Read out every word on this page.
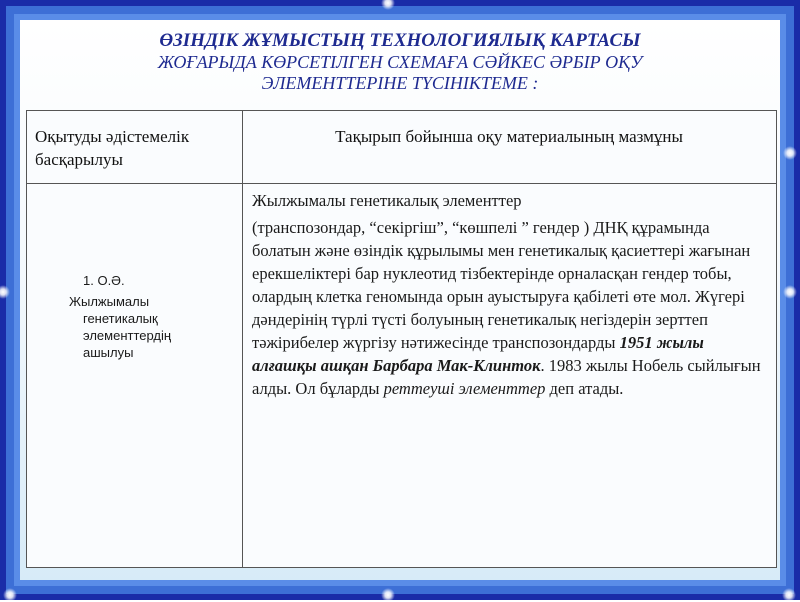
ӨЗІНДІК ЖҰМЫСТЫҢ ТЕХНОЛОГИЯЛЫҚ КАРТАСЫ
ЖОҒАРЫДА КӨРСЕТІЛГЕН СХЕМАҒА СӘЙКЕС ӘРБІР ОҚУ
ЭЛЕМЕНТТЕРІНЕ ТҮСІНІКТЕМЕ :
Оқытуды әдістемелік басқарылуы
Тақырып бойынша оқу материалының мазмұны
1. О.Ә.
Жылжымалы
генетикалық
элементтердің
ашылуы

Жылжымалы генетикалық элементтер

(транспозондар, “секіргіш”, “көшпелі ” гендер ) ДНҚ құрамында болатын және өзіндік құрылымы мен генетикалық қасиеттері жағынан ерекшеліктері бар нуклеотид тізбектерінде орналасқан гендер тобы, олардың клетка геномында орын ауыстыруға қабілеті өте мол. Жүгері дәндерінің түрлі түсті болуының генетикалық негіздерін зерттеп тәжірибелер жүргізу нәтижесінде транспозондарды 1951 жылы алғашқы ашқан Барбара Мак-Клинток. 1983 жылы Нобель сыйлығын алды. Ол бұларды реттеуші элементтер деп атады.
